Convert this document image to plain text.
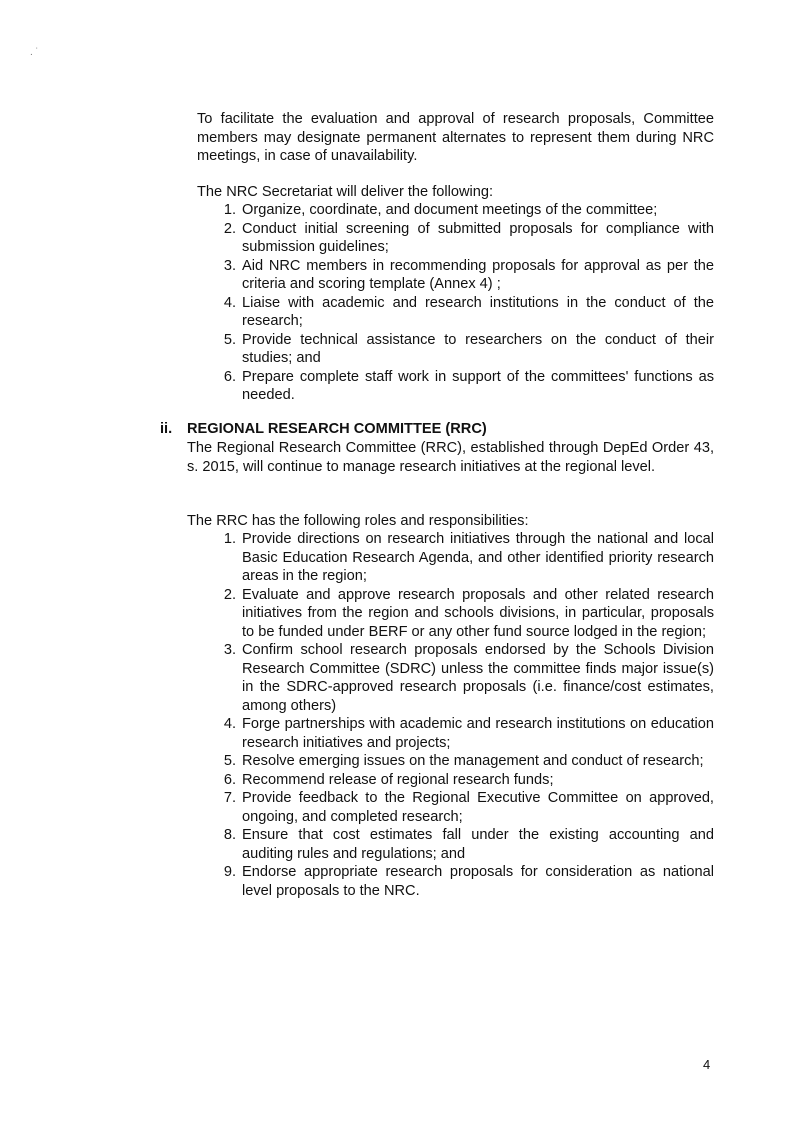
. ˙

To facilitate the evaluation and approval of research proposals, Committee members may designate permanent alternates to represent them during NRC meetings, in case of unavailability.

The NRC Secretariat will deliver the following:

1. Organize, coordinate, and document meetings of the committee;
2. Conduct initial screening of submitted proposals for compliance with submission guidelines;
3. Aid NRC members in recommending proposals for approval as per the criteria and scoring template (Annex 4) ;
4. Liaise with academic and research institutions in the conduct of the research;
5. Provide technical assistance to researchers on the conduct of their studies; and
6. Prepare complete staff work in support of the committees' functions as needed.
ii. REGIONAL RESEARCH COMMITTEE (RRC)

The Regional Research Committee (RRC), established through DepEd Order 43, s. 2015, will continue to manage research initiatives at the regional level.

The RRC has the following roles and responsibilities:

1. Provide directions on research initiatives through the national and local Basic Education Research Agenda, and other identified priority research areas in the region;
2. Evaluate and approve research proposals and other related research initiatives from the region and schools divisions, in particular, proposals to be funded under BERF or any other fund source lodged in the region;
3. Confirm school research proposals endorsed by the Schools Division Research Committee (SDRC) unless the committee finds major issue(s) in the SDRC-approved research proposals (i.e. finance/cost estimates, among others)
4. Forge partnerships with academic and research institutions on education research initiatives and projects;
5. Resolve emerging issues on the management and conduct of research;
6. Recommend release of regional research funds;
7. Provide feedback to the Regional Executive Committee on approved, ongoing, and completed research;
8. Ensure that cost estimates fall under the existing accounting and auditing rules and regulations; and
9. Endorse appropriate research proposals for consideration as national level proposals to the NRC.
4
